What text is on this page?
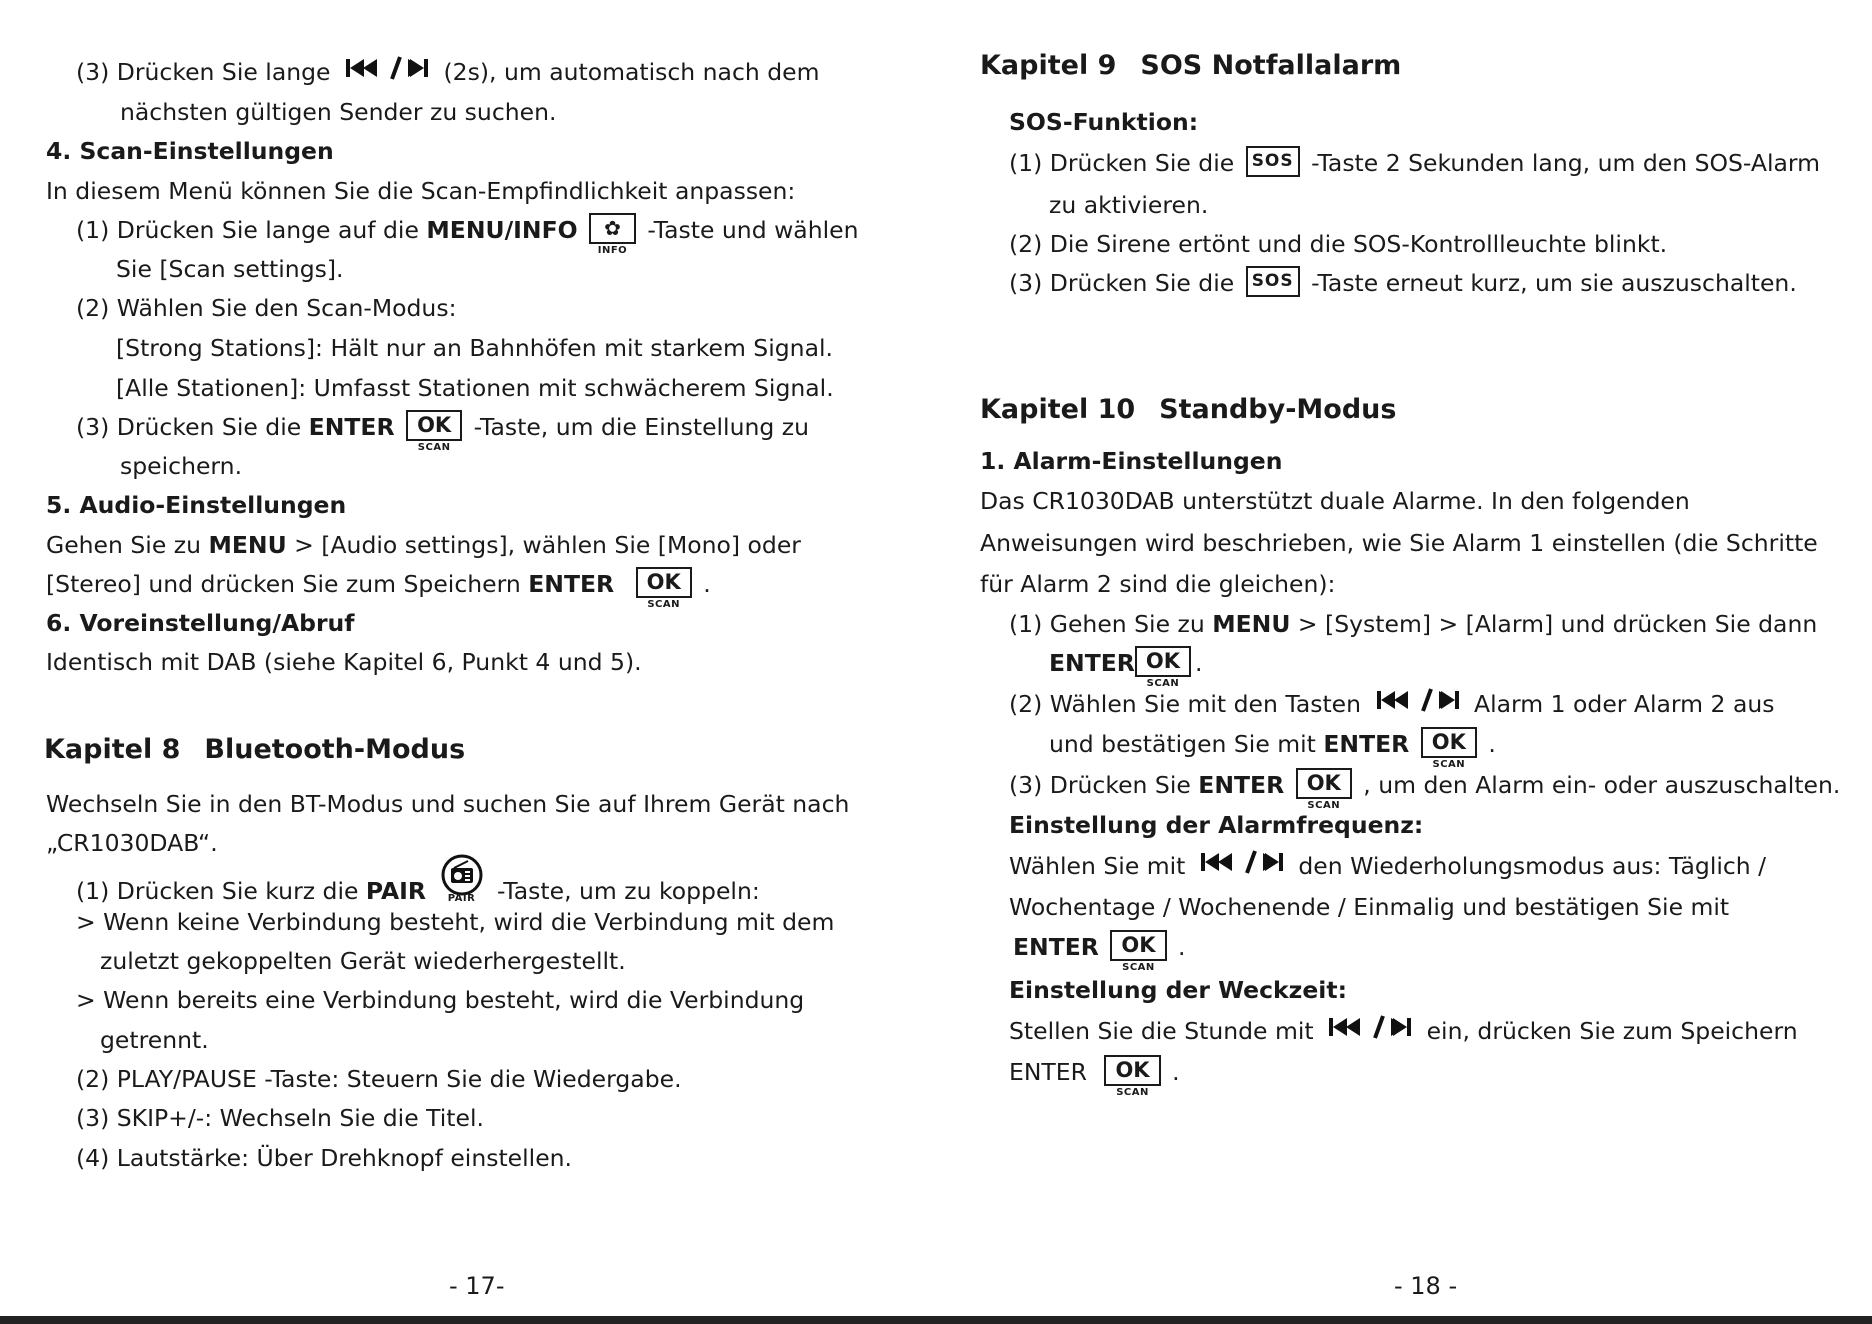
(3) Drücken Sie lange	(2s), um automatisch nach dem
nächsten gültigen Sender zu suchen.
4. Scan-Einstellungen
In diesem Menü können Sie die Scan-Empfindlichkeit anpassen:
(1) Drücken Sie lange auf die MENU/INFO ✿
INFO
-Taste und wählen
Sie [Scan settings].
(2) Wählen Sie den Scan-Modus:
[Strong Stations]: Hält nur an Bahnhöfen mit starkem Signal.
[Alle Stationen]: Umfasst Stationen mit schwächerem Signal.
(3) Drücken Sie die ENTER OK
SCAN
-Taste, um die Einstellung zu
speichern.
5. Audio-Einstellungen
Gehen Sie zu MENU > [Audio settings], wählen Sie [Mono] oder
[Stereo] und drücken Sie zum Speichern ENTER OK
SCAN
.
6. Voreinstellung/Abruf
Identisch mit DAB (siehe Kapitel 6, Punkt 4 und 5).
Kapitel 8 Bluetooth-Modus
Wechseln Sie in den BT-Modus und suchen Sie auf Ihrem Gerät nach
„CR1030DAB“.
(1) Drücken Sie kurz die PAIR PAIR -Taste, um zu koppeln:
> Wenn keine Verbindung besteht, wird die Verbindung mit dem
zuletzt gekoppelten Gerät wiederhergestellt.
> Wenn bereits eine Verbindung besteht, wird die Verbindung
getrennt.
(2) PLAY/PAUSE -Taste: Steuern Sie die Wiedergabe.
(3) SKIP+/-: Wechseln Sie die Titel.
(4) Lautstärke: Über Drehknopf einstellen.
- 17-
Kapitel 9 SOS Notfallalarm
SOS-Funktion:
(1) Drücken Sie die SOS -Taste 2 Sekunden lang, um den SOS-Alarm
zu aktivieren.
(2) Die Sirene ertönt und die SOS-Kontrollleuchte blinkt.
(3) Drücken Sie die SOS -Taste erneut kurz, um sie auszuschalten.
Kapitel 10 Standby-Modus
1. Alarm-Einstellungen
Das CR1030DAB unterstützt duale Alarme. In den folgenden
Anweisungen wird beschrieben, wie Sie Alarm 1 einstellen (die Schritte
für Alarm 2 sind die gleichen):
(1) Gehen Sie zu MENU > [System] > [Alarm] und drücken Sie dann
ENTER OK
SCAN
.
(2) Wählen Sie mit den Tasten	Alarm 1 oder Alarm 2 aus
und bestätigen Sie mit ENTER OK
SCAN
.
(3) Drücken Sie ENTER OK
SCAN
, um den Alarm ein- oder auszuschalten.
Einstellung der Alarmfrequenz:
Wählen Sie mit	den Wiederholungsmodus aus: Täglich /
Wochentage / Wochenende / Einmalig und bestätigen Sie mit
ENTER OK
SCAN
.
Einstellung der Weckzeit:
Stellen Sie die Stunde mit	ein, drücken Sie zum Speichern
ENTER OK
SCAN
.
- 18 -
